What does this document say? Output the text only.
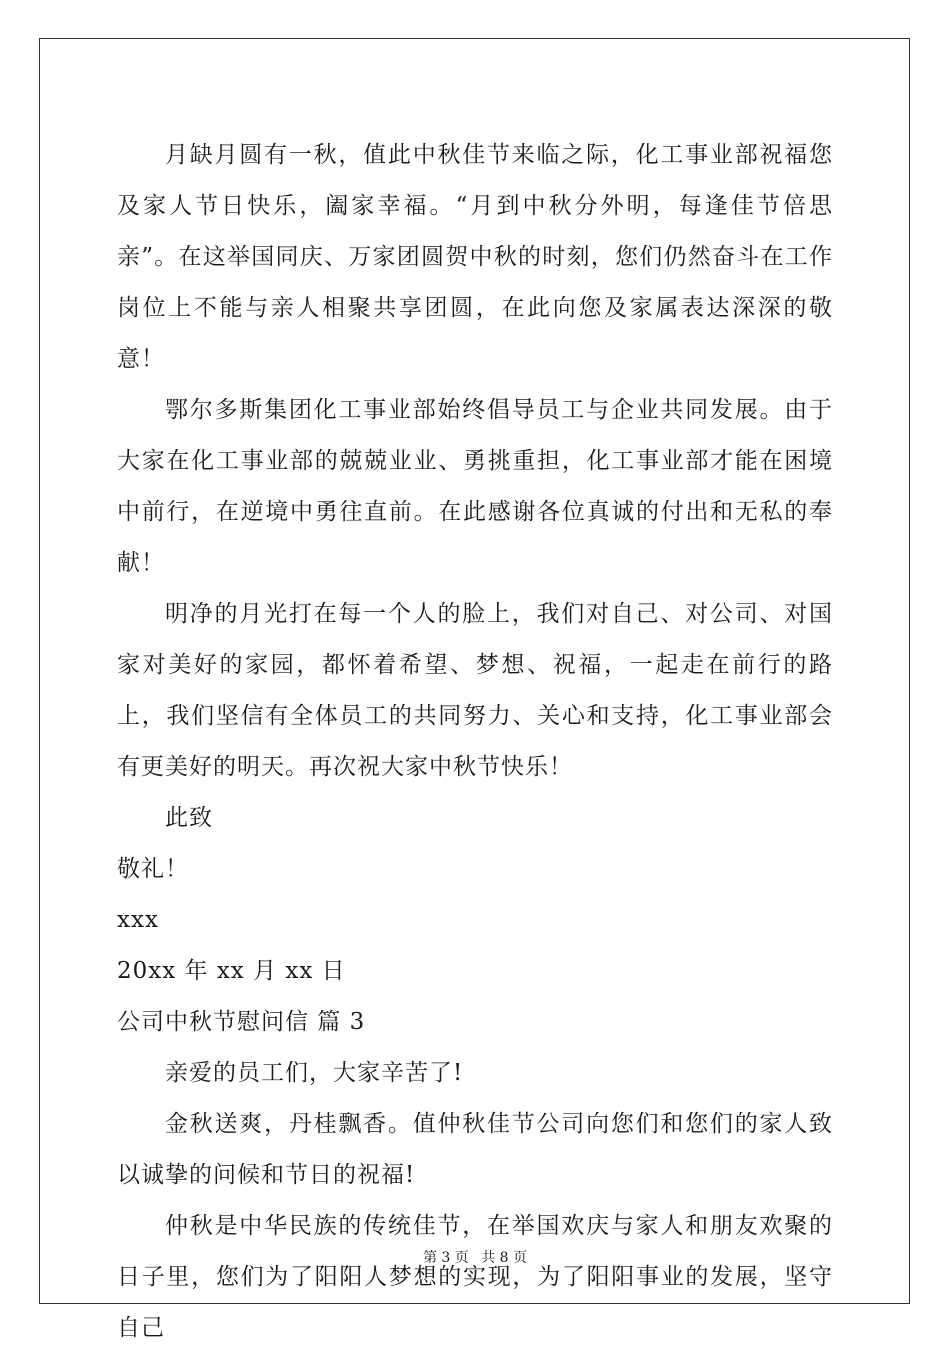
月缺月圆有一秋，值此中秋佳节来临之际，化工事业部祝福您及家人节日快乐，阖家幸福。“月到中秋分外明，每逢佳节倍思亲”。在这举国同庆、万家团圆贺中秋的时刻，您们仍然奋斗在工作岗位上不能与亲人相聚共享团圆，在此向您及家属表达深深的敬意！

鄂尔多斯集团化工事业部始终倡导员工与企业共同发展。由于大家在化工事业部的兢兢业业、勇挑重担，化工事业部才能在困境中前行，在逆境中勇往直前。在此感谢各位真诚的付出和无私的奉献！

明净的月光打在每一个人的脸上，我们对自己、对公司、对国家对美好的家园，都怀着希望、梦想、祝福，一起走在前行的路上，我们坚信有全体员工的共同努力、关心和支持，化工事业部会有更美好的明天。再次祝大家中秋节快乐！

此致

敬礼！

xxx

20xx 年 xx 月 xx 日

公司中秋节慰问信 篇 3

亲爱的员工们，大家辛苦了!

金秋送爽，丹桂飘香。值仲秋佳节公司向您们和您们的家人致以诚挚的问候和节日的祝福!

仲秋是中华民族的传统佳节，在举国欢庆与家人和朋友欢聚的日子里，您们为了阳阳人梦想的实现，为了阳阳事业的发展，坚守自己

第 3 页 共 8 页
